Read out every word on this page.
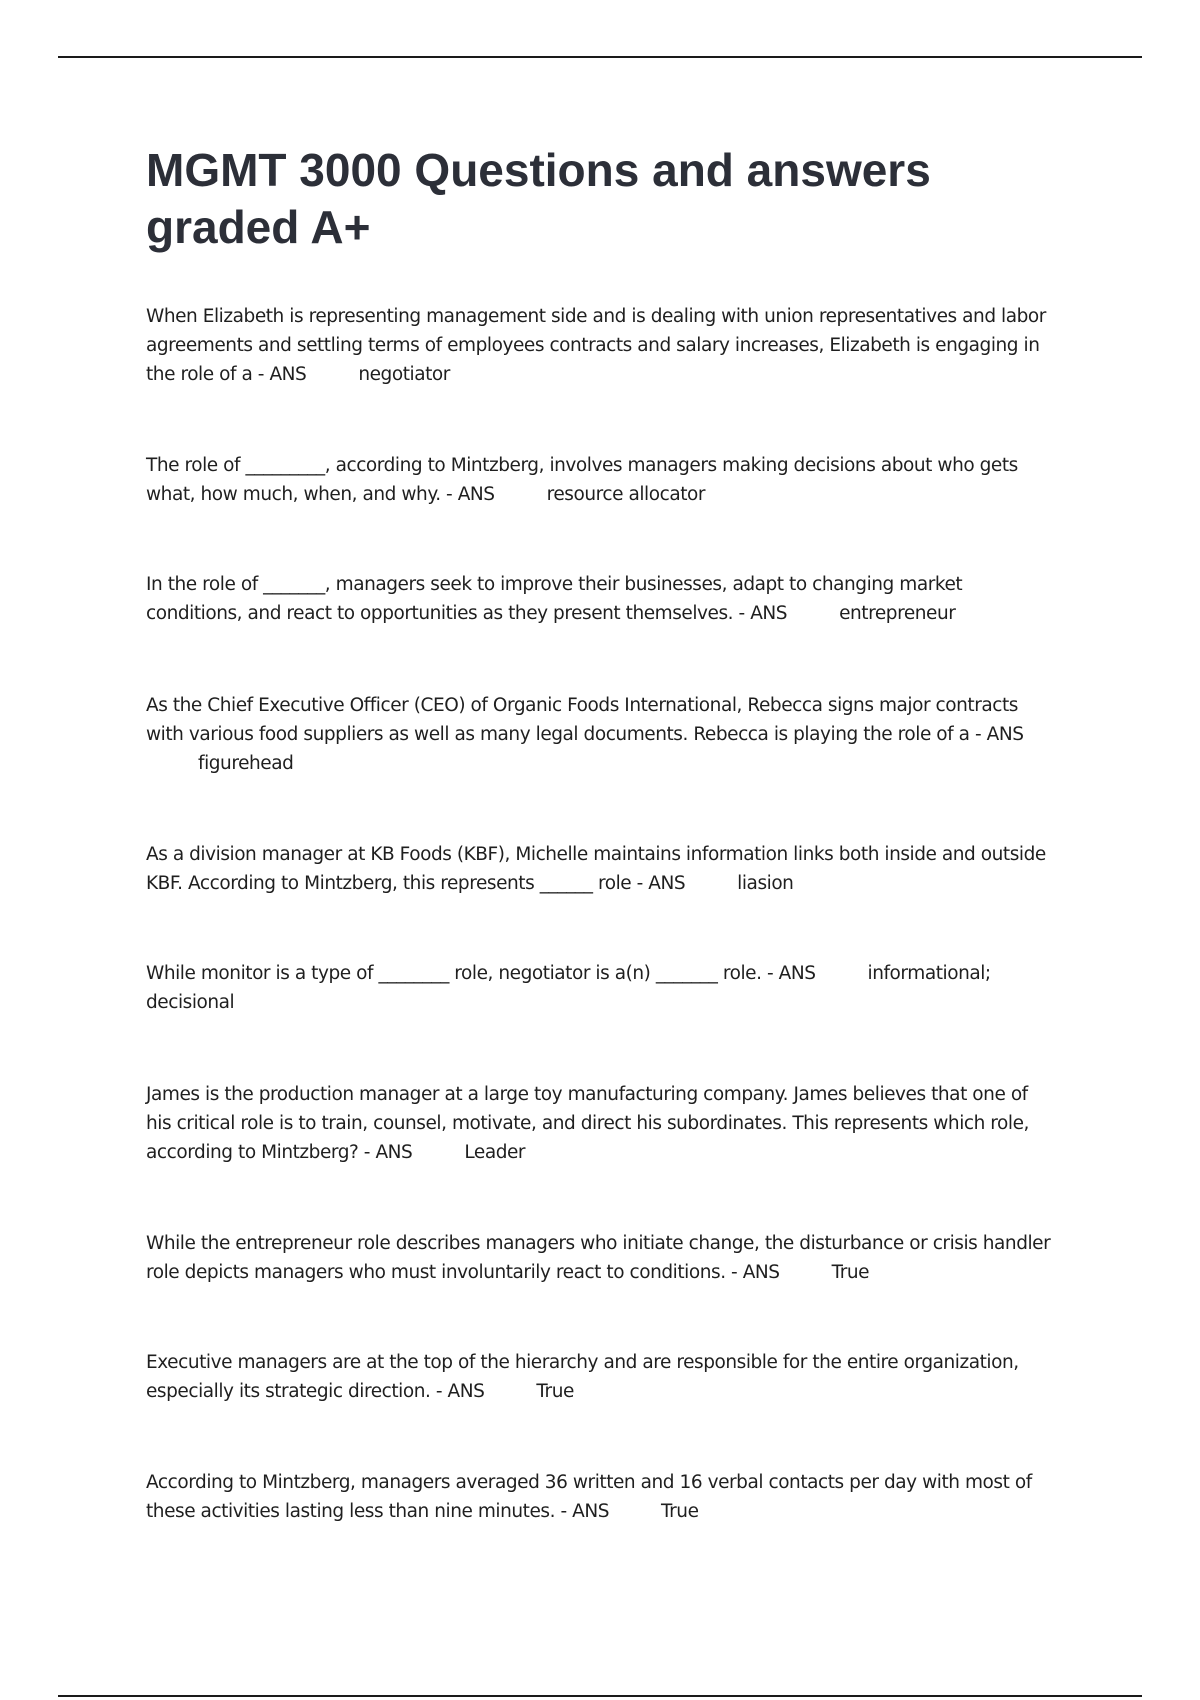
MGMT 3000 Questions and answers graded A+

When Elizabeth is representing management side and is dealing with union representatives and labor agreements and settling terms of employees contracts and salary increases, Elizabeth is engaging in the role of a - ANS	negotiator

The role of _________, according to Mintzberg, involves managers making decisions about who gets what, how much, when, and why. - ANS	resource allocator

In the role of _______, managers seek to improve their businesses, adapt to changing market conditions, and react to opportunities as they present themselves. - ANS	entrepreneur

As the Chief Executive Officer (CEO) of Organic Foods International, Rebecca signs major contracts with various food suppliers as well as many legal documents. Rebecca is playing the role of a - ANSfigurehead

As a division manager at KB Foods (KBF), Michelle maintains information links both inside and outside KBF. According to Mintzberg, this represents ______ role - ANS	liasion

While monitor is a type of ________ role, negotiator is a(n) _______ role. - ANS	informational; decisional

James is the production manager at a large toy manufacturing company. James believes that one of his critical role is to train, counsel, motivate, and direct his subordinates. This represents which role, according to Mintzberg? - ANS	Leader

While the entrepreneur role describes managers who initiate change, the disturbance or crisis handler role depicts managers who must involuntarily react to conditions. - ANS	True

Executive managers are at the top of the hierarchy and are responsible for the entire organization, especially its strategic direction. - ANS	True

According to Mintzberg, managers averaged 36 written and 16 verbal contacts per day with most of these activities lasting less than nine minutes. - ANS	True
